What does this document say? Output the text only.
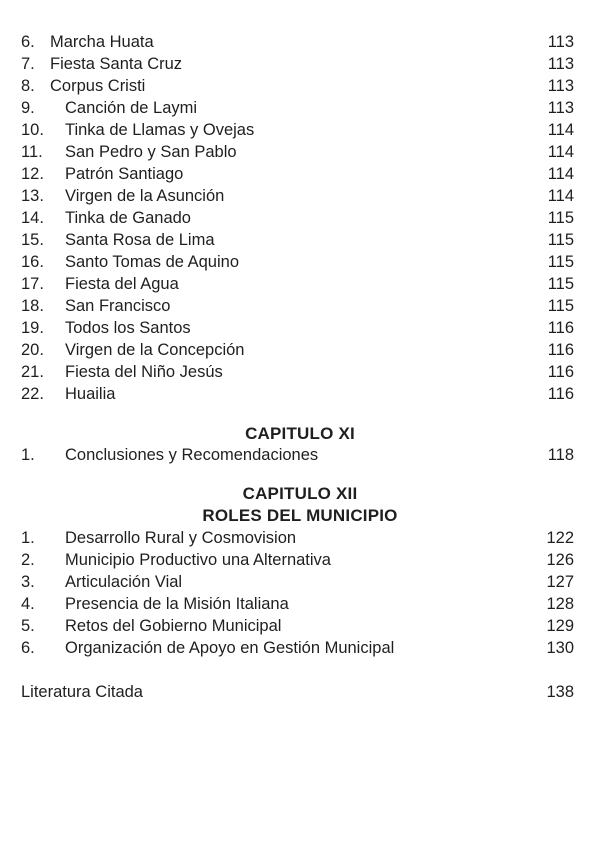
6. Marcha Huata	113
7. Fiesta Santa Cruz	113
8. Corpus Cristi	113
9. Canción de Laymi	113
10. Tinka de Llamas y Ovejas	114
11. San Pedro y San Pablo	114
12. Patrón Santiago	114
13. Virgen de la Asunción	114
14. Tinka de Ganado	115
15. Santa Rosa de Lima	115
16. Santo Tomas de Aquino	115
17. Fiesta del Agua	115
18. San Francisco	115
19. Todos los Santos	116
20. Virgen de la Concepción	116
21. Fiesta del Niño Jesús	116
22. Huailia	116
CAPITULO XI
1. Conclusiones y Recomendaciones	118
CAPITULO XII
ROLES DEL MUNICIPIO
1. Desarrollo Rural y Cosmovision	122
2. Municipio Productivo una Alternativa	126
3. Articulación Vial	127
4. Presencia de la Misión Italiana	128
5. Retos del Gobierno Municipal	129
6. Organización de Apoyo en Gestión Municipal	130
Literatura Citada	138
